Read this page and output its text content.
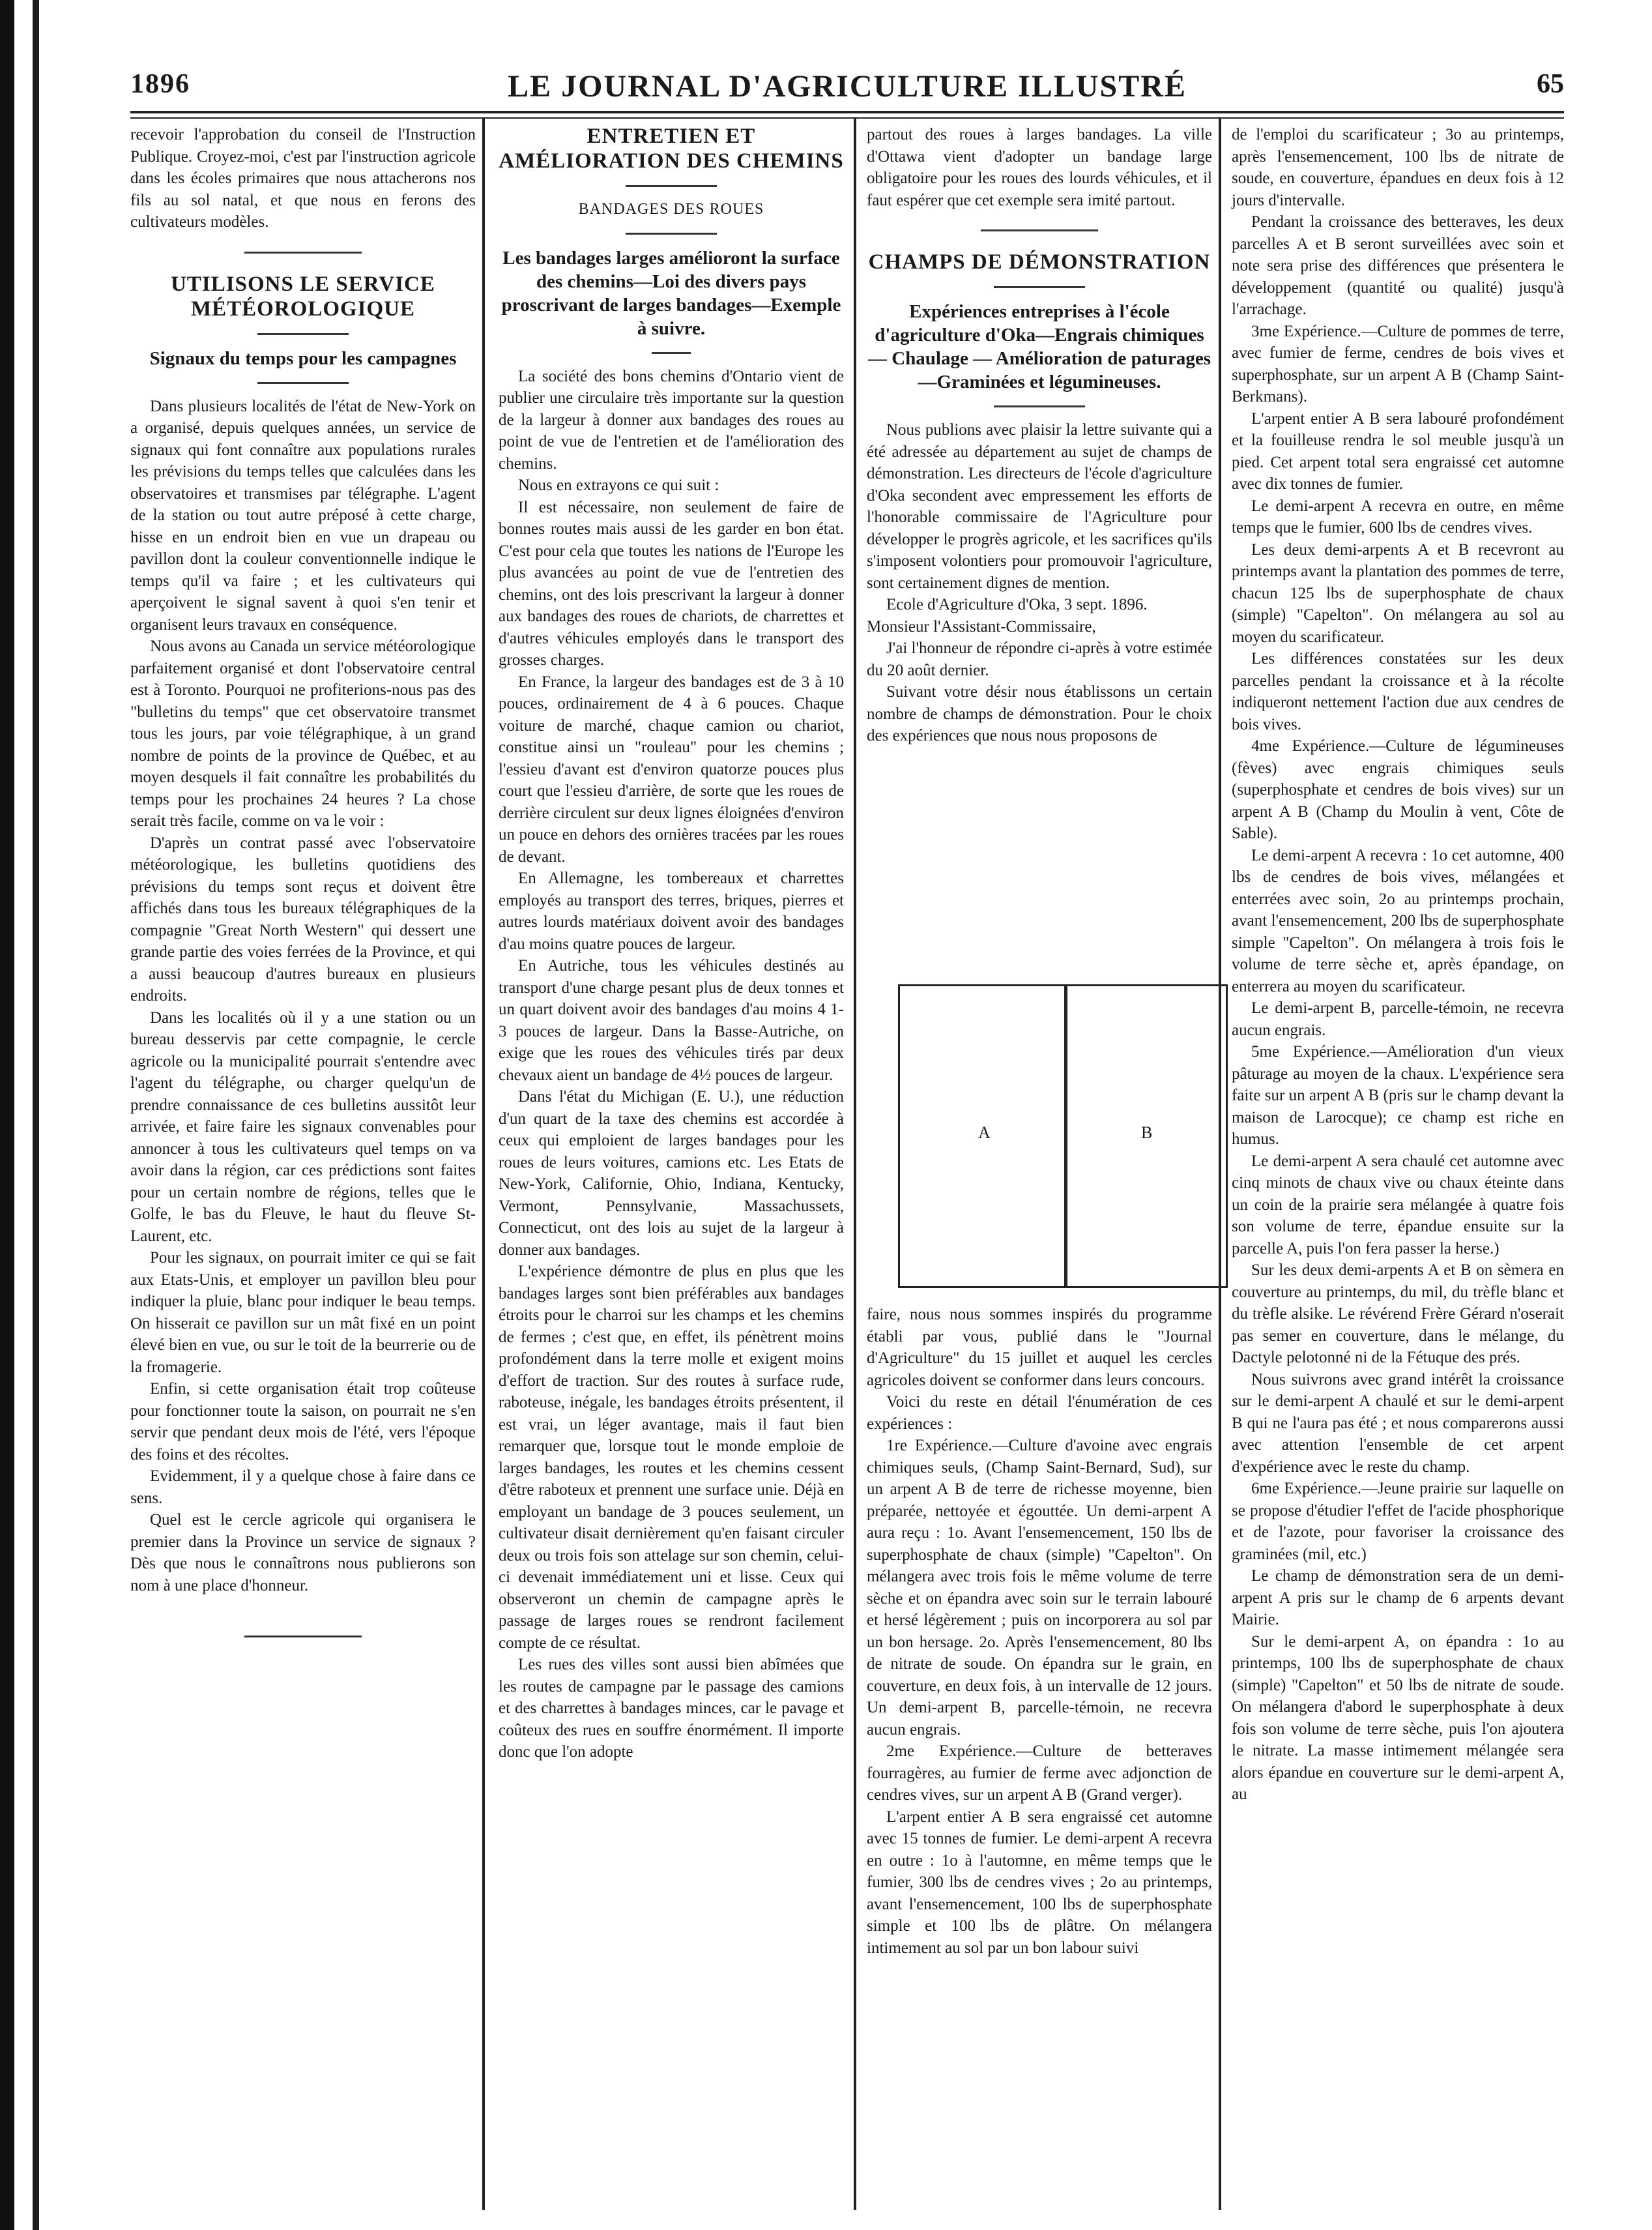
LE JOURNAL D'AGRICULTURE ILLUSTRÉ
1896	65

recevoir l'approbation du conseil de l'Instruction Publique. Croyez-moi, c'est par l'instruction agricole dans les écoles primaires que nous attacherons nos fils au sol natal, et que nous en ferons des cultivateurs modèles.

UTILISONS LE SERVICE MÉTÉOROLOGIQUE
Signaux du temps pour les campagnes

Dans plusieurs localités de l'état de New-York on a organisé, depuis quelques années, un service de signaux qui font connaître aux populations rurales les prévisions du temps telles que calculées dans les observatoires et transmises par télégraphe. L'agent de la station ou tout autre préposé à cette charge, hisse en un endroit bien en vue un drapeau ou pavillon dont la couleur conventionnelle indique le temps qu'il va faire ; et les cultivateurs qui aperçoivent le signal savent à quoi s'en tenir et organisent leurs travaux en conséquence.

Nous avons au Canada un service météorologique parfaitement organisé et dont l'observatoire central est à Toronto. Pourquoi ne profiterions-nous pas des "bulletins du temps" que cet observatoire transmet tous les jours, par voie télégraphique, à un grand nombre de points de la province de Québec, et au moyen desquels il fait connaître les probabilités du temps pour les prochaines 24 heures ? La chose serait très facile, comme on va le voir :

D'après un contrat passé avec l'observatoire météorologique, les bulletins quotidiens des prévisions du temps sont reçus et doivent être affichés dans tous les bureaux télégraphiques de la compagnie "Great North Western" qui dessert une grande partie des voies ferrées de la Province, et qui a aussi beaucoup d'autres bureaux en plusieurs endroits.

Dans les localités où il y a une station ou un bureau desservis par cette compagnie, le cercle agricole ou la municipalité pourrait s'entendre avec l'agent du télégraphe, ou charger quelqu'un de prendre connaissance de ces bulletins aussitôt leur arrivée, et faire faire les signaux convenables pour annoncer à tous les cultivateurs quel temps on va avoir dans la région, car ces prédictions sont faites pour un certain nombre de régions, telles que le Golfe, le bas du Fleuve, le haut du fleuve St-Laurent, etc.

Pour les signaux, on pourrait imiter ce qui se fait aux Etats-Unis, et employer un pavillon bleu pour indiquer la pluie, blanc pour indiquer le beau temps. On hisserait ce pavillon sur un mât fixé en un point élevé bien en vue, ou sur le toit de la beurrerie ou de la fromagerie.

Enfin, si cette organisation était trop coûteuse pour fonctionner toute la saison, on pourrait ne s'en servir que pendant deux mois de l'été, vers l'époque des foins et des récoltes.

Evidemment, il y a quelque chose à faire dans ce sens.

Quel est le cercle agricole qui organisera le premier dans la Province un service de signaux ? Dès que nous le connaîtrons nous publierons son nom à une place d'honneur.

ENTRETIEN ET AMÉLIORATION DES CHEMINS
BANDAGES DES ROUES
Les bandages larges amélioront la surface des chemins—Loi des divers pays proscrivant de larges bandages—Exemple à suivre.

La société des bons chemins d'Ontario vient de publier une circulaire très importante sur la question de la largeur à donner aux bandages des roues au point de vue de l'entretien et de l'amélioration des chemins.

Nous en extrayons ce qui suit :

Il est nécessaire, non seulement de faire de bonnes routes mais aussi de les garder en bon état. C'est pour cela que toutes les nations de l'Europe les plus avancées au point de vue de l'entretien des chemins, ont des lois prescrivant la largeur à donner aux bandages des roues de chariots, de charrettes et d'autres véhicules employés dans le transport des grosses charges.

En France, la largeur des bandages est de 3 à 10 pouces, ordinairement de 4 à 6 pouces. Chaque voiture de marché, chaque camion ou chariot, constitue ainsi un "rouleau" pour les chemins ; l'essieu d'avant est d'environ quatorze pouces plus court que l'essieu d'arrière, de sorte que les roues de derrière circulent sur deux lignes éloignées d'environ un pouce en dehors des ornières tracées par les roues de devant.

En Allemagne, les tombereaux et charrettes employés au transport des terres, briques, pierres et autres lourds matériaux doivent avoir des bandages d'au moins quatre pouces de largeur.

En Autriche, tous les véhicules destinés au transport d'une charge pesant plus de deux tonnes et un quart doivent avoir des bandages d'au moins 4 1-3 pouces de largeur. Dans la Basse-Autriche, on exige que les roues des véhicules tirés par deux chevaux aient un bandage de 4½ pouces de largeur.

Dans l'état du Michigan (E. U.), une réduction d'un quart de la taxe des chemins est accordée à ceux qui emploient de larges bandages pour les roues de leurs voitures, camions etc. Les Etats de New-York, Californie, Ohio, Indiana, Kentucky, Vermont, Pennsylvanie, Massachussets, Connecticut, ont des lois au sujet de la largeur à donner aux bandages.

L'expérience démontre de plus en plus que les bandages larges sont bien préférables aux bandages étroits pour le charroi sur les champs et les chemins de fermes ; c'est que, en effet, ils pénètrent moins profondément dans la terre molle et exigent moins d'effort de traction. Sur des routes à surface rude, raboteuse, inégale, les bandages étroits présentent, il est vrai, un léger avantage, mais il faut bien remarquer que, lorsque tout le monde emploie de larges bandages, les routes et les chemins cessent d'être raboteux et prennent une surface unie. Déjà en employant un bandage de 3 pouces seulement, un cultivateur disait dernièrement qu'en faisant circuler deux ou trois fois son attelage sur son chemin, celui-ci devenait immédiatement uni et lisse. Ceux qui observeront un chemin de campagne après le passage de larges roues se rendront facilement compte de ce résultat.

Les rues des villes sont aussi bien abîmées que les routes de campagne par le passage des camions et des charrettes à bandages minces, car le pavage et coûteux des rues en souffre énormément. Il importe donc que l'on adopte

partout des roues à larges bandages. La ville d'Ottawa vient d'adopter un bandage large obligatoire pour les roues des lourds véhicules, et il faut espérer que cet exemple sera imité partout.

CHAMPS DE DÉMONSTRATION
Expériences entreprises à l'école d'agriculture d'Oka—Engrais chimiques — Chaulage — Amélioration de paturages—Graminées et légumineuses.

Nous publions avec plaisir la lettre suivante qui a été adressée au département au sujet de champs de démonstration. Les directeurs de l'école d'agriculture d'Oka secondent avec empressement les efforts de l'honorable commissaire de l'Agriculture pour développer le progrès agricole, et les sacrifices qu'ils s'imposent volontiers pour promouvoir l'agriculture, sont certainement dignes de mention.

Ecole d'Agriculture d'Oka, 3 sept. 1896.

Monsieur l'Assistant-Commissaire,

J'ai l'honneur de répondre ci-après à votre estimée du 20 août dernier.

Suivant votre désir nous établissons un certain nombre de champs de démonstration. Pour le choix des expériences que nous nous proposons de

A	B

faire, nous nous sommes inspirés du programme établi par vous, publié dans le "Journal d'Agriculture" du 15 juillet et auquel les cercles agricoles doivent se conformer dans leurs concours.

Voici du reste en détail l'énumération de ces expériences :

1re Expérience.—Culture d'avoine avec engrais chimiques seuls, (Champ Saint-Bernard, Sud), sur un arpent A B de terre de richesse moyenne, bien préparée, nettoyée et égouttée. Un demi-arpent A aura reçu : 1o. Avant l'ensemencement, 150 lbs de superphosphate de chaux (simple) "Capelton". On mélangera avec trois fois le même volume de terre sèche et on épandra avec soin sur le terrain labouré et hersé légèrement ; puis on incorporera au sol par un bon hersage. 2o. Après l'ensemencement, 80 lbs de nitrate de soude. On épandra sur le grain, en couverture, en deux fois, à un intervalle de 12 jours. Un demi-arpent B, parcelle-témoin, ne recevra aucun engrais.

2me Expérience.—Culture de betteraves fourragères, au fumier de ferme avec adjonction de cendres vives, sur un arpent A B (Grand verger).

L'arpent entier A B sera engraissé cet automne avec 15 tonnes de fumier. Le demi-arpent A recevra en outre : 1o à l'automne, en même temps que le fumier, 300 lbs de cendres vives ; 2o au printemps, avant l'ensemencement, 100 lbs de superphosphate simple et 100 lbs de plâtre. On mélangera intimement au sol par un bon labour suivi

de l'emploi du scarificateur ; 3o au printemps, après l'ensemencement, 100 lbs de nitrate de soude, en couverture, épandues en deux fois à 12 jours d'intervalle.

Pendant la croissance des betteraves, les deux parcelles A et B seront surveillées avec soin et note sera prise des différences que présentera le développement (quantité ou qualité) jusqu'à l'arrachage.

3me Expérience.—Culture de pommes de terre, avec fumier de ferme, cendres de bois vives et superphosphate, sur un arpent A B (Champ Saint-Berkmans).

L'arpent entier A B sera labouré profondément et la fouilleuse rendra le sol meuble jusqu'à un pied. Cet arpent total sera engraissé cet automne avec dix tonnes de fumier.

Le demi-arpent A recevra en outre, en même temps que le fumier, 600 lbs de cendres vives.

Les deux demi-arpents A et B recevront au printemps avant la plantation des pommes de terre, chacun 125 lbs de superphosphate de chaux (simple) "Capelton". On mélangera au sol au moyen du scarificateur.

Les différences constatées sur les deux parcelles pendant la croissance et à la récolte indiqueront nettement l'action due aux cendres de bois vives.

4me Expérience.—Culture de légumineuses (fèves) avec engrais chimiques seuls (superphosphate et cendres de bois vives) sur un arpent A B (Champ du Moulin à vent, Côte de Sable).

Le demi-arpent A recevra : 1o cet automne, 400 lbs de cendres de bois vives, mélangées et enterrées avec soin, 2o au printemps prochain, avant l'ensemencement, 200 lbs de superphosphate simple "Capelton". On mélangera à trois fois le volume de terre sèche et, après épandage, on enterrera au moyen du scarificateur.

Le demi-arpent B, parcelle-témoin, ne recevra aucun engrais.

5me Expérience.—Amélioration d'un vieux pâturage au moyen de la chaux. L'expérience sera faite sur un arpent A B (pris sur le champ devant la maison de Larocque); ce champ est riche en humus.

Le demi-arpent A sera chaulé cet automne avec cinq minots de chaux vive ou chaux éteinte dans un coin de la prairie sera mélangée à quatre fois son volume de terre, épandue ensuite sur la parcelle A, puis l'on fera passer la herse.)

Sur les deux demi-arpents A et B on sèmera en couverture au printemps, du mil, du trèfle blanc et du trèfle alsike. Le révérend Frère Gérard n'oserait pas semer en couverture, dans le mélange, du Dactyle pelotonné ni de la Fétuque des prés.

Nous suivrons avec grand intérêt la croissance sur le demi-arpent A chaulé et sur le demi-arpent B qui ne l'aura pas été ; et nous comparerons aussi avec attention l'ensemble de cet arpent d'expérience avec le reste du champ.

6me Expérience.—Jeune prairie sur laquelle on se propose d'étudier l'effet de l'acide phosphorique et de l'azote, pour favoriser la croissance des graminées (mil, etc.)

Le champ de démonstration sera de un demi-arpent A pris sur le champ de 6 arpents devant Mairie.

Sur le demi-arpent A, on épandra : 1o au printemps, 100 lbs de superphosphate de chaux (simple) "Capelton" et 50 lbs de nitrate de soude. On mélangera d'abord le superphosphate à deux fois son volume de terre sèche, puis l'on ajoutera le nitrate. La masse intimement mélangée sera alors épandue en couverture sur le demi-arpent A, au
